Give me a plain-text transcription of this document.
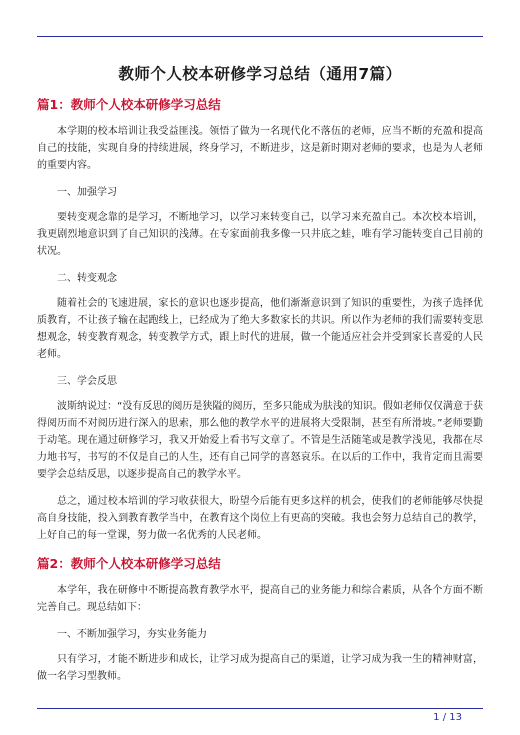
教师个人校本研修学习总结（通用7篇）
篇1：教师个人校本研修学习总结

本学期的校本培训让我受益匪浅。领悟了做为一名现代化不落伍的老师，应当不断的充盈和提高自己的技能，实现自身的持续进展，终身学习，不断进步，这是新时期对老师的要求，也是为人老师的重要内容。

一、加强学习

要转变观念靠的是学习，不断地学习，以学习来转变自己，以学习来充盈自己。本次校本培训，我更剧烈地意识到了自己知识的浅薄。在专家面前我多像一只井底之蛙，唯有学习能转变自己目前的状况。

二、转变观念

随着社会的飞速进展，家长的意识也逐步提高，他们渐渐意识到了知识的重要性，为孩子选择优质教育，不让孩子输在起跑线上，已经成为了绝大多数家长的共识。所以作为老师的我们需要转变思想观念，转变教育观念，转变教学方式，跟上时代的进展，做一个能适应社会并受到家长喜爱的人民老师。

三、学会反思

波斯纳说过：“没有反思的阅历是狭隘的阅历，至多只能成为肤浅的知识。假如老师仅仅满意于获得阅历而不对阅历进行深入的思索，那么他的教学水平的进展将大受限制，甚至有所滑坡。”老师要勤于动笔。现在通过研修学习，我又开始爱上看书写文章了。不管是生活随笔或是教学浅见，我都在尽力地书写，书写的不仅是自己的人生，还有自己同学的喜怒哀乐。在以后的工作中，我肯定而且需要要学会总结反思，以逐步提高自己的教学水平。

总之，通过校本培训的学习收获很大，盼望今后能有更多这样的机会，使我们的老师能够尽快提高自身技能，投入到教育教学当中，在教育这个岗位上有更高的突破。我也会努力总结自己的教学，上好自己的每一堂课，努力做一名优秀的人民老师。

篇2：教师个人校本研修学习总结

本学年，我在研修中不断提高教育教学水平，提高自己的业务能力和综合素质，从各个方面不断完善自己。现总结如下：

一、不断加强学习，夯实业务能力

只有学习，才能不断进步和成长，让学习成为提高自己的渠道，让学习成为我一生的精神财富，做一名学习型教师。

1 / 13
